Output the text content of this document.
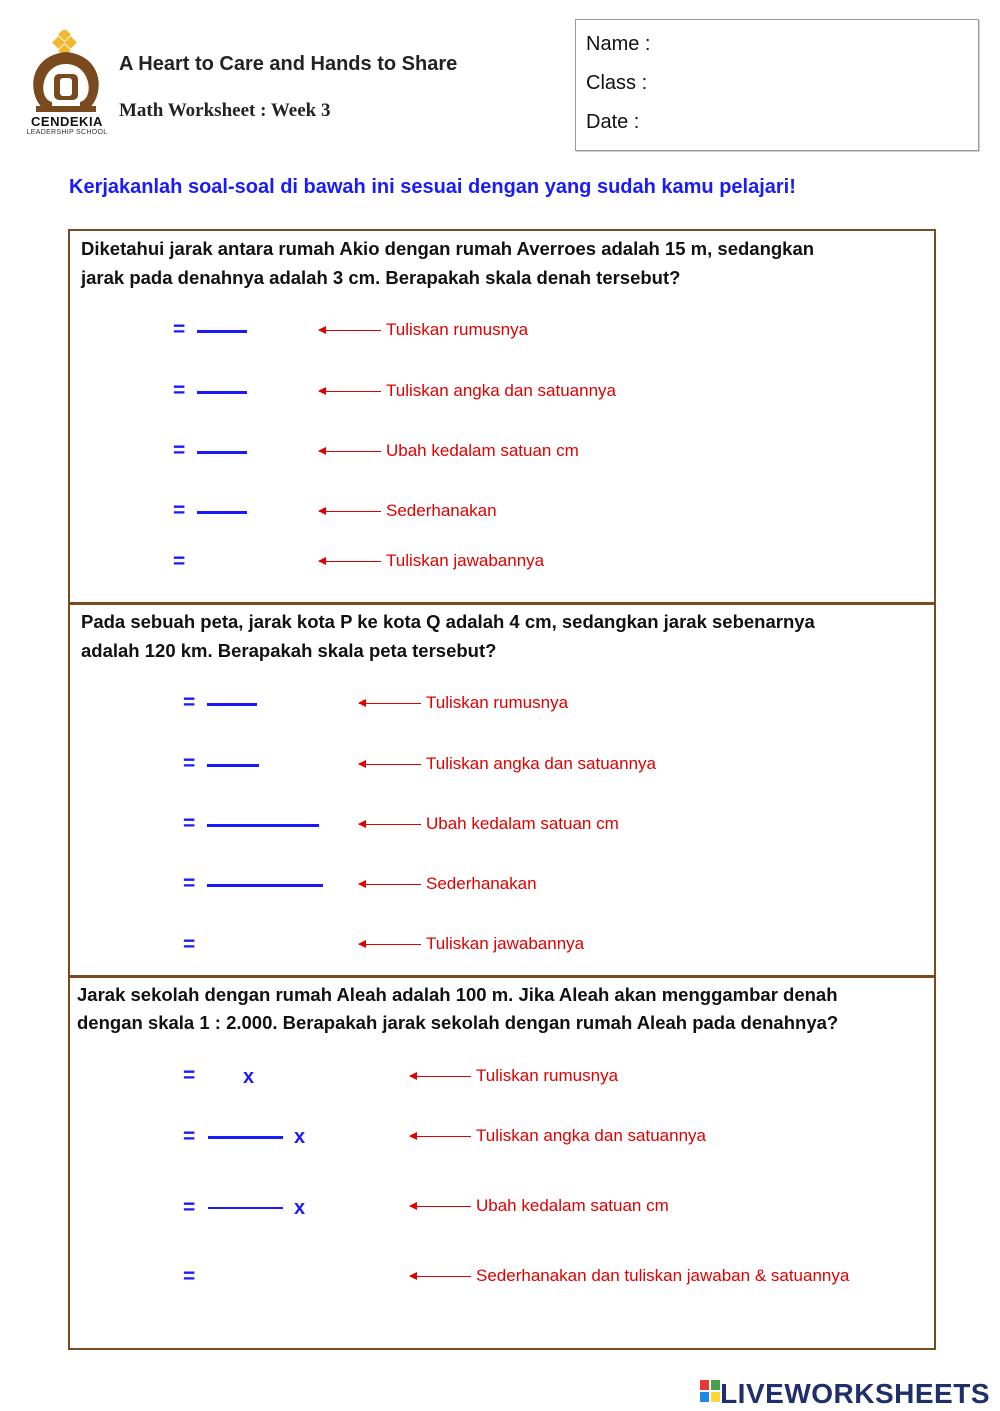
CENDEKIA
LEADERSHIP SCHOOL
A Heart to Care and Hands to Share
Math Worksheet : Week 3
Name :
Class :
Date :
Kerjakanlah soal-soal di bawah ini sesuai dengan yang sudah kamu pelajari!
Diketahui jarak antara rumah Akio dengan rumah Averroes adalah 15 m, sedangkan
jarak pada denahnya adalah 3 cm. Berapakah skala denah tersebut?
=	Tuliskan rumusnya
=	Tuliskan angka dan satuannya
=	Ubah kedalam satuan cm
=	Sederhanakan
=	Tuliskan jawabannya
Pada sebuah peta, jarak kota P ke kota Q adalah 4 cm, sedangkan jarak sebenarnya
adalah 120 km. Berapakah skala peta tersebut?
=	Tuliskan rumusnya
=	Tuliskan angka dan satuannya
=	Ubah kedalam satuan cm
=	Sederhanakan
=	Tuliskan jawabannya
Jarak sekolah dengan rumah Aleah adalah 100 m. Jika Aleah akan menggambar denah
dengan skala 1 : 2.000. Berapakah jarak sekolah dengan rumah Aleah pada denahnya?
= x	Tuliskan rumusnya
=	x	Tuliskan angka dan satuannya
=	x	Ubah kedalam satuan cm
=	Sederhanakan dan tuliskan jawaban & satuannya
LIVEWORKSHEETS
